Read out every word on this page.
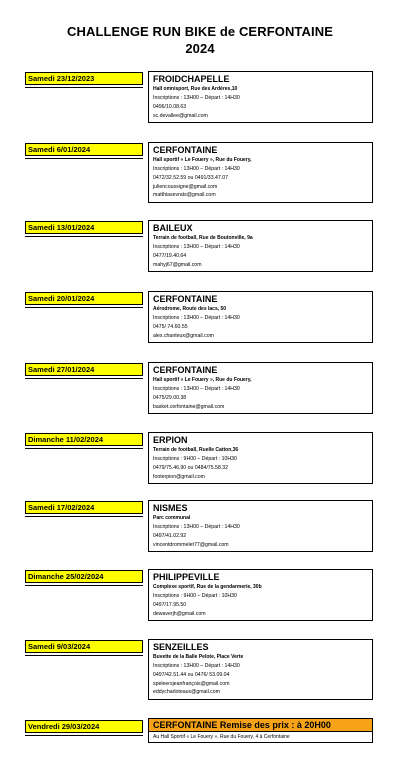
CHALLENGE RUN BIKE de CERFONTAINE
2024
Samedi 23/12/2023	FROIDCHAPELLE
Hall omnisport, Rue des Ardères,10
Inscriptions : 13H00 – Départ : 14H30
0496/10.08.63
sc.devallee@gmail.com
Samedi 6/01/2024	CERFONTAINE
Hall sportif « Le Fouery », Rue du Fouery,
Inscriptions : 13H00 – Départ : 14H30
0472/32.52.59 ou 0491/33.47.07
juliencoussigne@gmail.com
matthiasevrats@gmail.com
Samedi 13/01/2024	BAILEUX
Terrain de football, Rue de Boutonville, 9a
Inscriptions : 13H00 – Départ : 14H30
0477/19.40.64
mahyj67@gmail.com
Samedi 20/01/2024	CERFONTAINE
Aérodrome, Route des lacs, 50
Inscriptions : 13H00 – Départ : 14H30
0475/ 74.60.55
alex.chanteux@gmail.com
Samedi 27/01/2024	CERFONTAINE
Hall sportif « Le Fouery », Rue du Fouery,
Inscriptions : 13H00 – Départ : 14H30
0475/29.00.38
basket.cerfontaine@gmail.com
Dimanche 11/02/2024	ERPION
Terrain de football, Ruelle Catton,36
Inscriptions : 9H00 – Départ : 10H30
0479/75.46.90 ou 0484/75.58.32
footerpion@gmail.com
Samedi 17/02/2024	NISMES
Parc communal
Inscriptions : 13H00 – Départ : 14H30
0497/41.02.92
vincentdrommelet77@gmail.com
Dimanche 25/02/2024	PHILIPPEVILLE
Complexe sportif, Rue de la gendarmerie, 30b
Inscriptions : 9H00 – Départ : 10H30
0497/17.95.50
dewaverjh@gmail.com
Samedi 9/03/2024	SENZEILLES
Buvette de la Balle Pelote, Place Verte
Inscriptions : 13H00 – Départ : 14H30
0497/42.51.44 ou 0476/ 53.09.04
speleersjeanfrançois@gmail.com
eddycharloteaux@gmail.com
Vendredi 29/03/2024	CERFONTAINE Remise des prix : à 20H00
Au Hall Sportif « Le Fouery », Rue du Fouery, 4 à Cerfontaine
